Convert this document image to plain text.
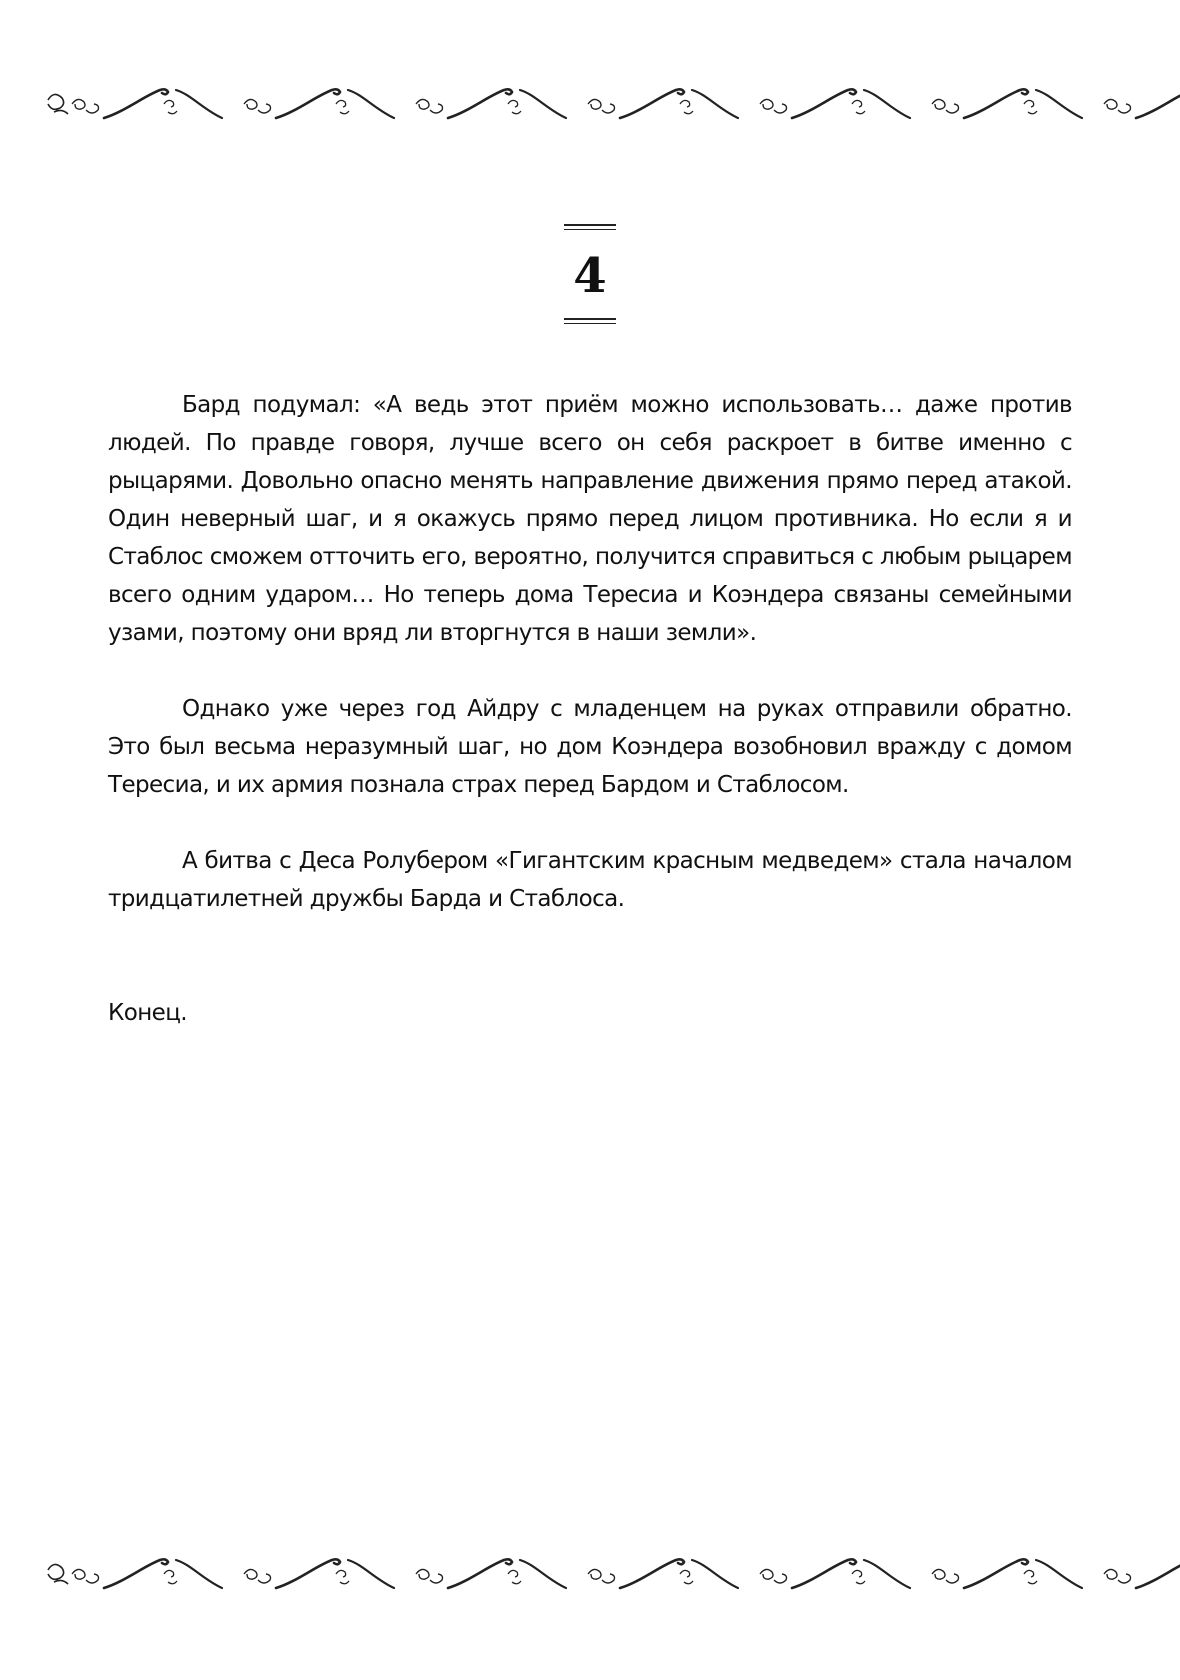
4

Бард подумал: «А ведь этот приём можно использовать… даже против людей. По правде говоря, лучше всего он себя раскроет в битве именно с рыцарями. Довольно опасно менять направление движения прямо перед атакой. Один неверный шаг, и я окажусь прямо перед лицом противника. Но если я и Стаблос сможем отточить его, вероятно, получится справиться с любым рыцарем всего одним ударом… Но теперь дома Тересиа и Коэндера связаны семейными узами, поэтому они вряд ли вторгнутся в наши земли».

Однако уже через год Айдру с младенцем на руках отправили обратно. Это был весьма неразумный шаг, но дом Коэндера возобновил вражду с домом Тересиа, и их армия познала страх перед Бардом и Стаблосом.

А битва с Деса Ролубером «Гигантским красным медведем» стала началом тридцатилетней дружбы Барда и Стаблоса.

Конец.
